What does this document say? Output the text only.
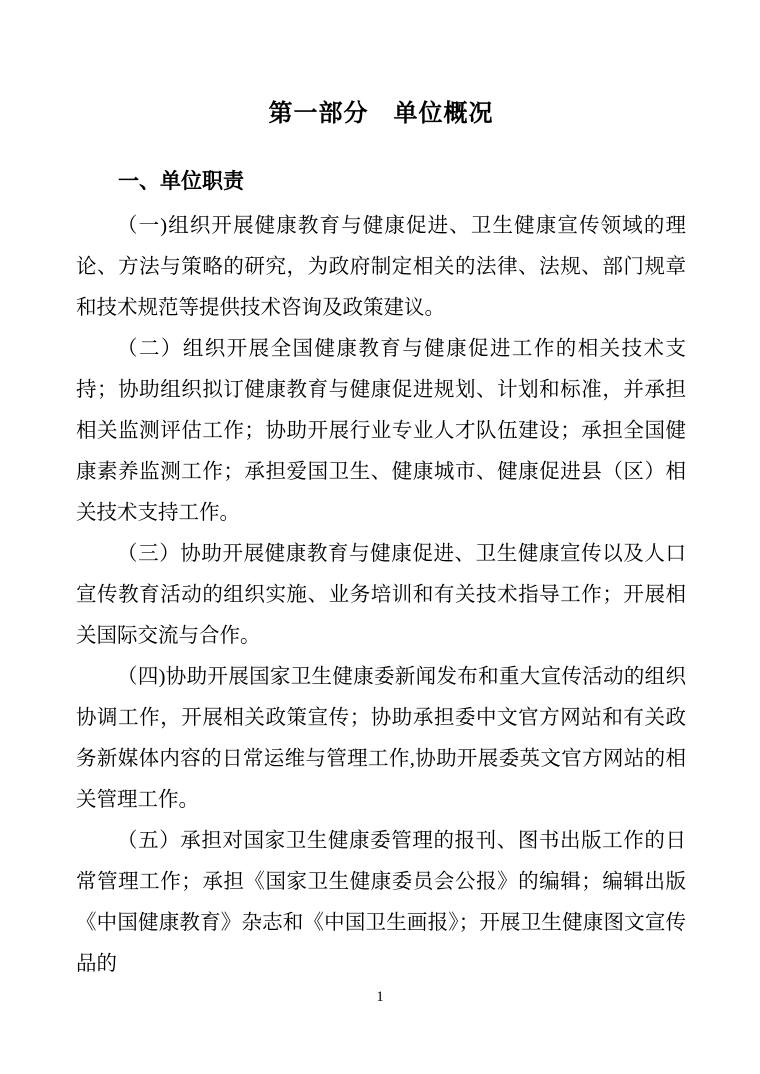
第一部分　单位概况
一、单位职责

（一)组织开展健康教育与健康促进、卫生健康宣传领域的理论、方法与策略的研究，为政府制定相关的法律、法规、部门规章和技术规范等提供技术咨询及政策建议。

（二）组织开展全国健康教育与健康促进工作的相关技术支持；协助组织拟订健康教育与健康促进规划、计划和标准，并承担相关监测评估工作；协助开展行业专业人才队伍建设；承担全国健康素养监测工作；承担爱国卫生、健康城市、健康促进县（区）相关技术支持工作。

（三）协助开展健康教育与健康促进、卫生健康宣传以及人口宣传教育活动的组织实施、业务培训和有关技术指导工作；开展相关国际交流与合作。

（四)协助开展国家卫生健康委新闻发布和重大宣传活动的组织协调工作，开展相关政策宣传；协助承担委中文官方网站和有关政务新媒体内容的日常运维与管理工作,协助开展委英文官方网站的相关管理工作。

（五）承担对国家卫生健康委管理的报刊、图书出版工作的日常管理工作；承担《国家卫生健康委员会公报》的编辑；编辑出版《中国健康教育》杂志和《中国卫生画报》；开展卫生健康图文宣传品的

1
